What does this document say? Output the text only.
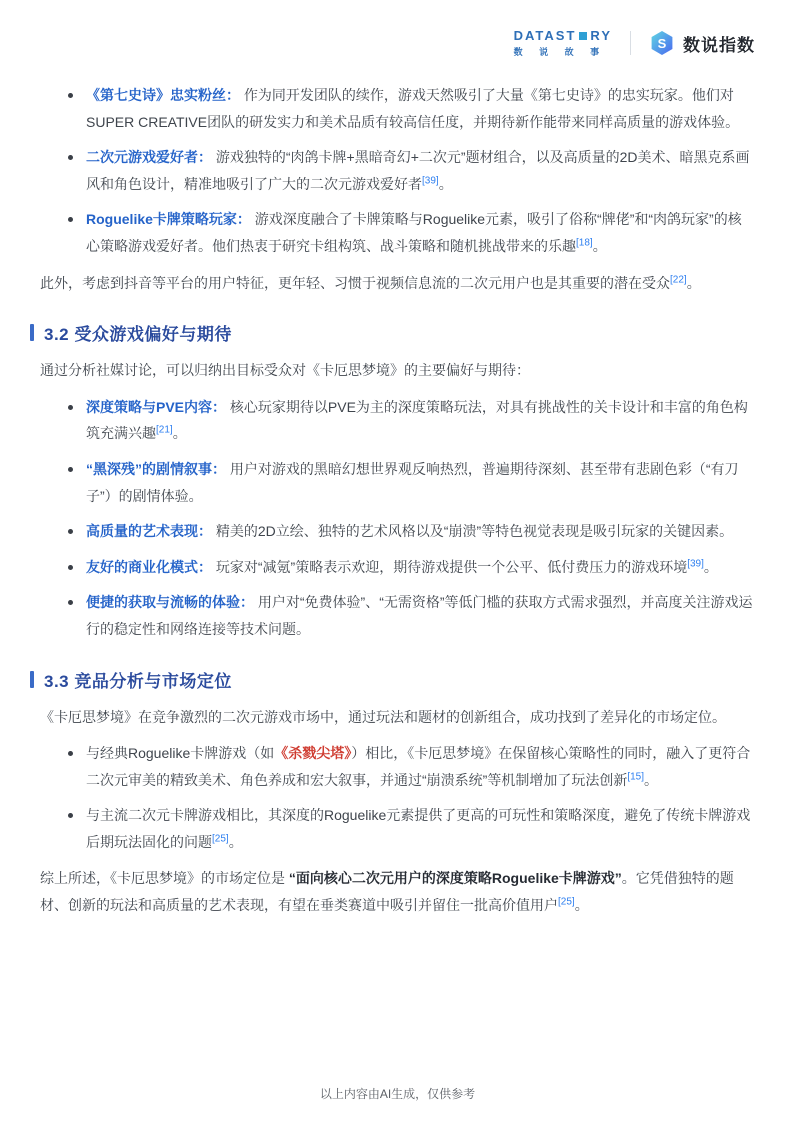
DATAST RY
数 说 故 事
S 数说指数
《第七史诗》忠实粉丝： 作为同开发团队的续作，游戏天然吸引了大量《第七史诗》的忠实玩家。他们对SUPER CREATIVE团队的研发实力和美术品质有较高信任度，并期待新作能带来同样高质量的游戏体验。
二次元游戏爱好者： 游戏独特的“肉鸽卡牌+黑暗奇幻+二次元”题材组合，以及高质量的2D美术、暗黑克系画风和角色设计，精准地吸引了广大的二次元游戏爱好者[39]。
Roguelike卡牌策略玩家： 游戏深度融合了卡牌策略与Roguelike元素，吸引了俗称“牌佬”和“肉鸽玩家”的核心策略游戏爱好者。他们热衷于研究卡组构筑、战斗策略和随机挑战带来的乐趣[18]。

此外，考虑到抖音等平台的用户特征，更年轻、习惯于视频信息流的二次元用户也是其重要的潜在受众[22]。

3.2 受众游戏偏好与期待

通过分析社媒讨论，可以归纳出目标受众对《卡厄思梦境》的主要偏好与期待：

深度策略与PVE内容： 核心玩家期待以PVE为主的深度策略玩法，对具有挑战性的关卡设计和丰富的角色构筑充满兴趣[21]。
“黑深残”的剧情叙事： 用户对游戏的黑暗幻想世界观反响热烈，普遍期待深刻、甚至带有悲剧色彩（“有刀子”）的剧情体验。
高质量的艺术表现： 精美的2D立绘、独特的艺术风格以及“崩溃”等特色视觉表现是吸引玩家的关键因素。
友好的商业化模式： 玩家对“减氪”策略表示欢迎，期待游戏提供一个公平、低付费压力的游戏环境[39]。
便捷的获取与流畅的体验： 用户对“免费体验”、“无需资格”等低门槛的获取方式需求强烈，并高度关注游戏运行的稳定性和网络连接等技术问题。
3.3 竞品分析与市场定位

《卡厄思梦境》在竞争激烈的二次元游戏市场中，通过玩法和题材的创新组合，成功找到了差异化的市场定位。

与经典Roguelike卡牌游戏（如《杀戮尖塔》）相比，《卡厄思梦境》在保留核心策略性的同时，融入了更符合二次元审美的精致美术、角色养成和宏大叙事，并通过“崩溃系统”等机制增加了玩法创新[15]。
与主流二次元卡牌游戏相比，其深度的Roguelike元素提供了更高的可玩性和策略深度，避免了传统卡牌游戏后期玩法固化的问题[25]。

综上所述，《卡厄思梦境》的市场定位是 “面向核心二次元用户的深度策略Roguelike卡牌游戏”。它凭借独特的题材、创新的玩法和高质量的艺术表现，有望在垂类赛道中吸引并留住一批高价值用户[25]。

以上内容由AI生成，仅供参考
